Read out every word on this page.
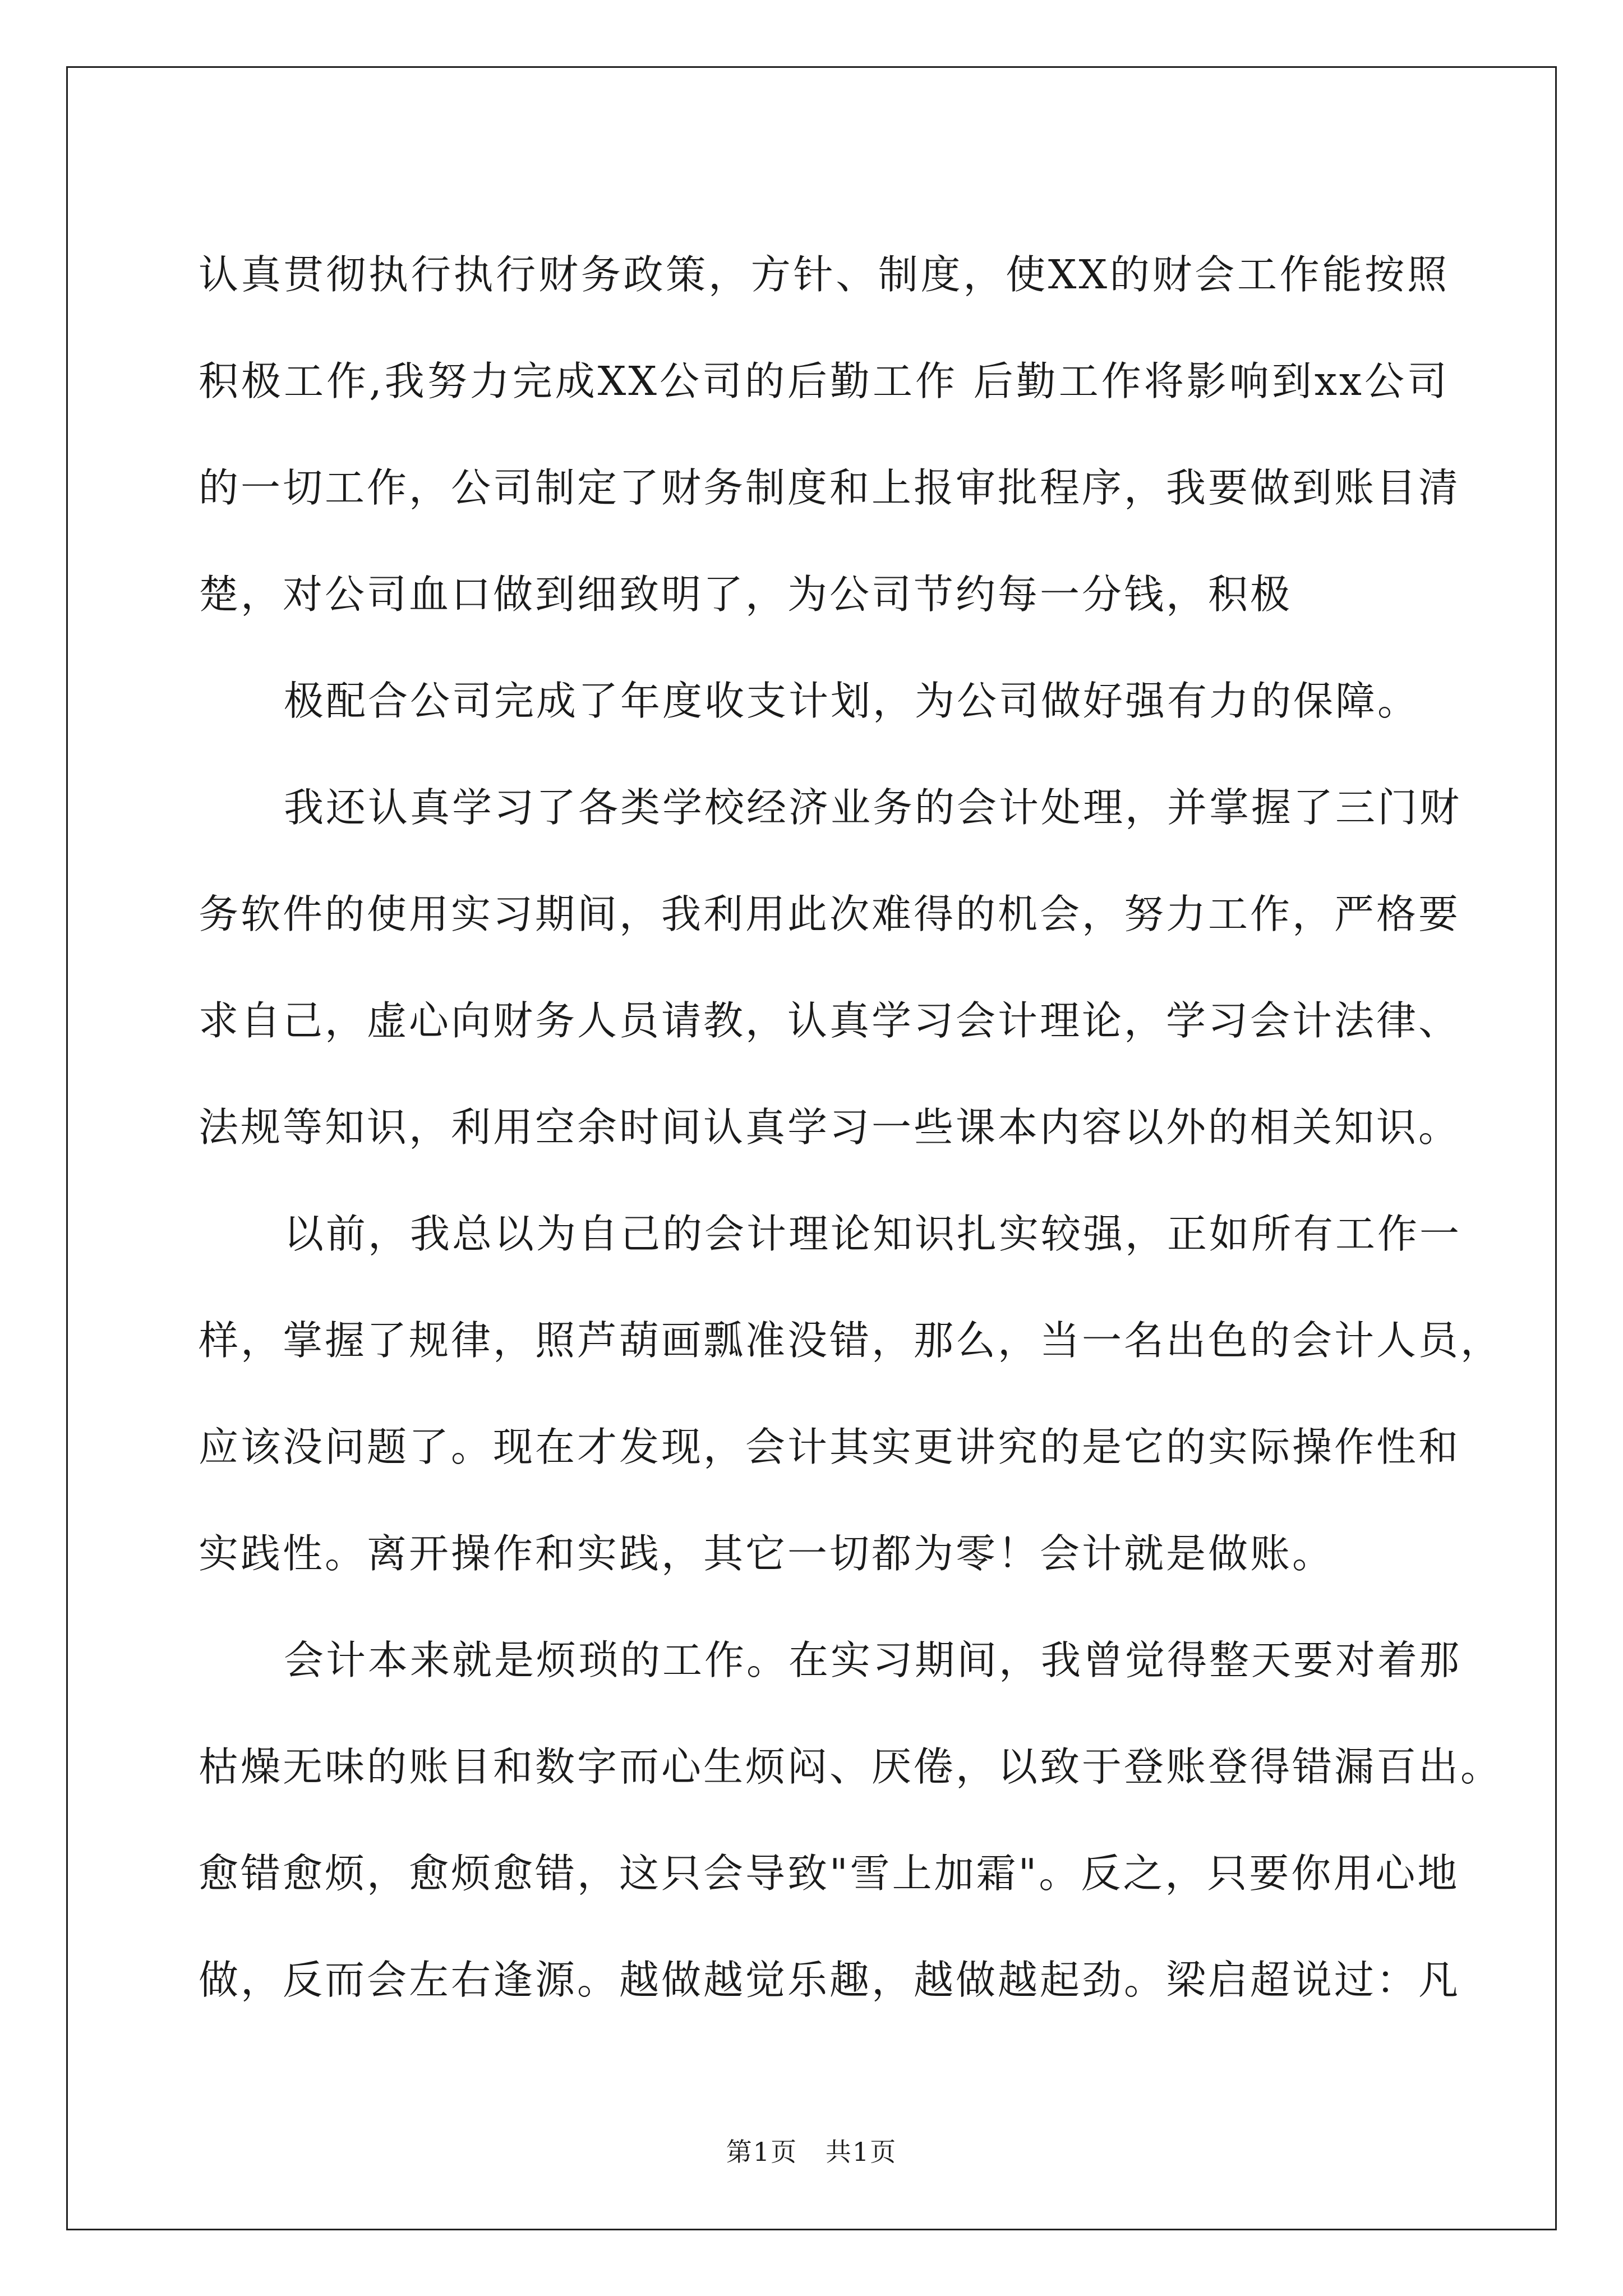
认真贯彻执行执行财务政策，方针、制度，使XX的财会工作能按照
积极工作,我努力完成XX公司的后勤工作 后勤工作将影响到xx公司
的一切工作，公司制定了财务制度和上报审批程序，我要做到账目清
楚，对公司血口做到细致明了，为公司节约每一分钱，积极
极配合公司完成了年度收支计划，为公司做好强有力的保障。
我还认真学习了各类学校经济业务的会计处理，并掌握了三门财
务软件的使用实习期间，我利用此次难得的机会，努力工作，严格要
求自己，虚心向财务人员请教，认真学习会计理论，学习会计法律、
法规等知识，利用空余时间认真学习一些课本内容以外的相关知识。
以前，我总以为自己的会计理论知识扎实较强，正如所有工作一
样，掌握了规律，照芦葫画瓢准没错，那么，当一名出色的会计人员，
应该没问题了。现在才发现，会计其实更讲究的是它的实际操作性和
实践性。离开操作和实践，其它一切都为零！会计就是做账。
会计本来就是烦琐的工作。在实习期间，我曾觉得整天要对着那
枯燥无味的账目和数字而心生烦闷、厌倦，以致于登账登得错漏百出。
愈错愈烦，愈烦愈错，这只会导致"雪上加霜"。反之，只要你用心地
做，反而会左右逢源。越做越觉乐趣，越做越起劲。梁启超说过：凡
第1页   共1页
